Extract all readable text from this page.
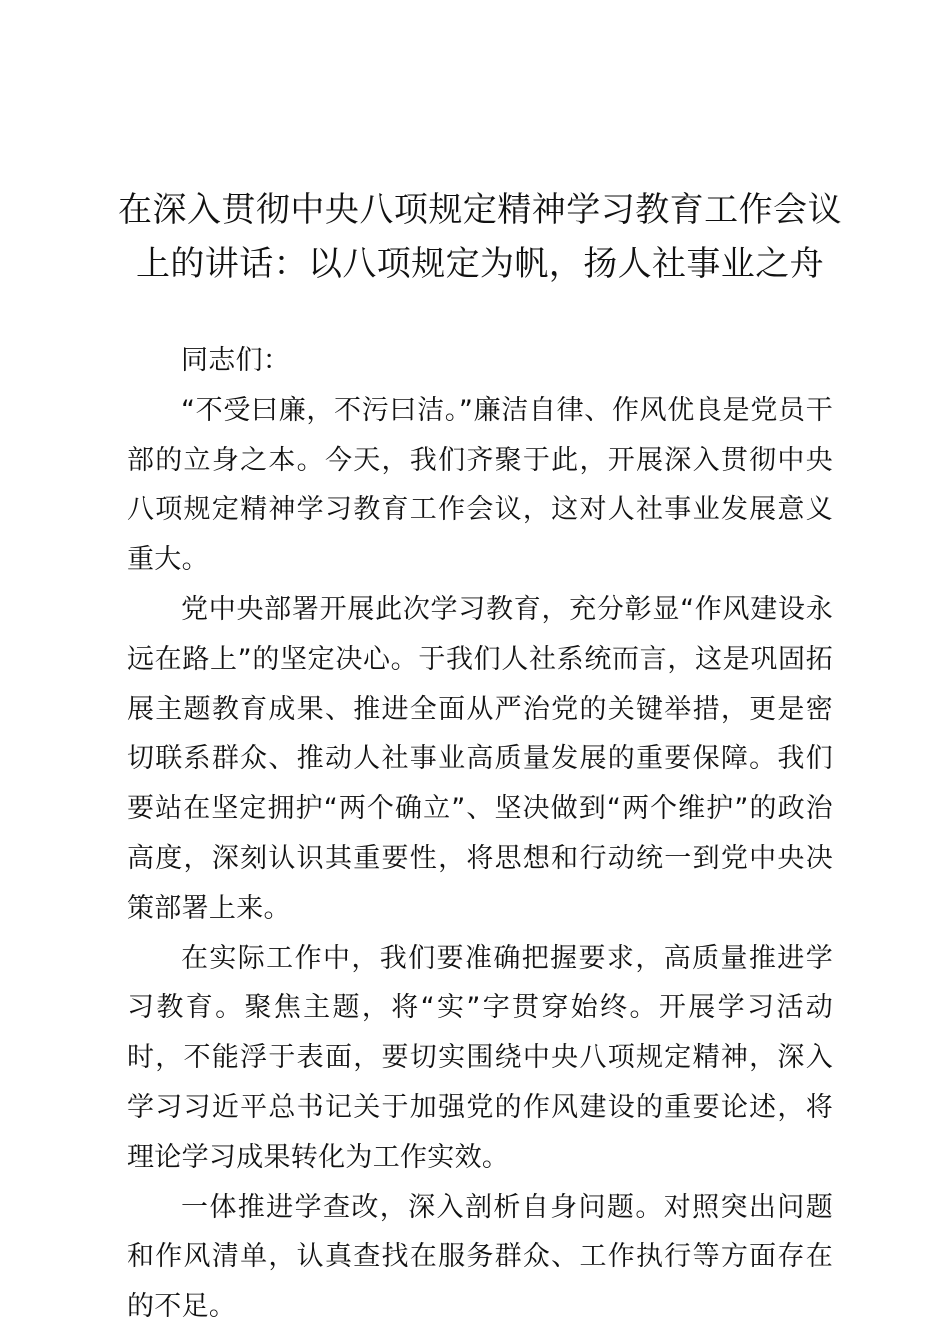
在深入贯彻中央八项规定精神学习教育工作会议上的讲话：以八项规定为帆，扬人社事业之舟

同志们：

“不受曰廉，不污曰洁。”廉洁自律、作风优良是党员干部的立身之本。今天，我们齐聚于此，开展深入贯彻中央八项规定精神学习教育工作会议，这对人社事业发展意义重大。

党中央部署开展此次学习教育，充分彰显“作风建设永远在路上”的坚定决心。于我们人社系统而言，这是巩固拓展主题教育成果、推进全面从严治党的关键举措，更是密切联系群众、推动人社事业高质量发展的重要保障。我们要站在坚定拥护“两个确立”、坚决做到“两个维护”的政治高度，深刻认识其重要性，将思想和行动统一到党中央决策部署上来。

在实际工作中，我们要准确把握要求，高质量推进学习教育。聚焦主题，将“实”字贯穿始终。开展学习活动时，不能浮于表面，要切实围绕中央八项规定精神，深入学习习近平总书记关于加强党的作风建设的重要论述，将理论学习成果转化为工作实效。

一体推进学查改，深入剖析自身问题。对照突出问题和作风清单，认真查找在服务群众、工作执行等方面存在的不足。
